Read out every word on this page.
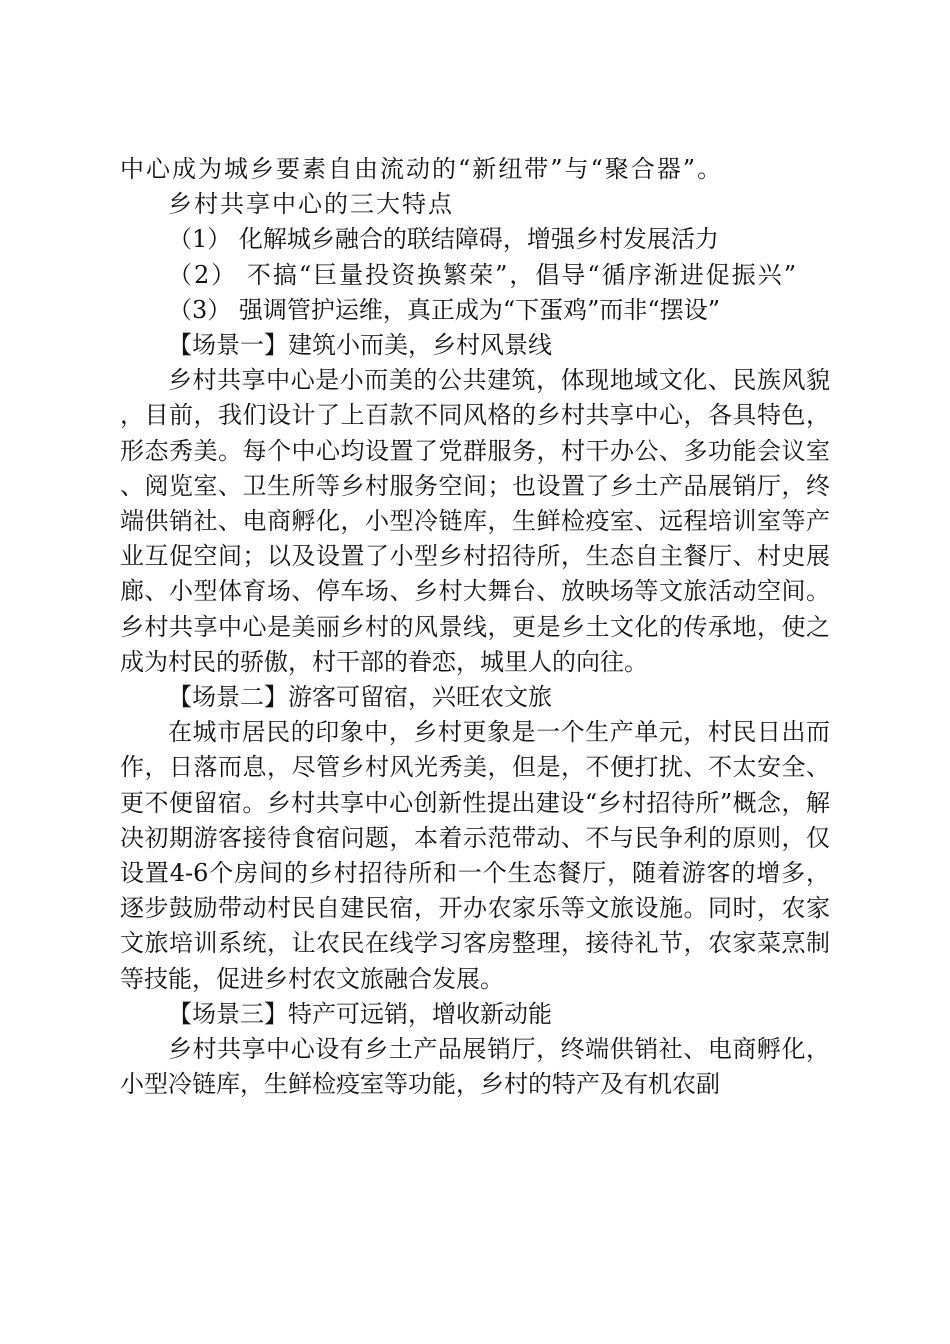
中心成为城乡要素自由流动的“新纽带”与“聚合器”。

乡村共享中心的三大特点

（1） 化解城乡融合的联结障碍，增强乡村发展活力

（2） 不搞“巨量投资换繁荣”，倡导“循序渐进促振兴”

（3） 强调管护运维，真正成为“下蛋鸡”而非“摆设”

【场景一】建筑小而美，乡村风景线

乡村共享中心是小而美的公共建筑，体现地域文化、民族风貌，目前，我们设计了上百款不同风格的乡村共享中心，各具特色，形态秀美。每个中心均设置了党群服务，村干办公、多功能会议室、阅览室、卫生所等乡村服务空间；也设置了乡土产品展销厅，终端供销社、电商孵化，小型冷链库，生鲜检疫室、远程培训室等产业互促空间；以及设置了小型乡村招待所，生态自主餐厅、村史展廊、小型体育场、停车场、乡村大舞台、放映场等文旅活动空间。乡村共享中心是美丽乡村的风景线，更是乡土文化的传承地，使之成为村民的骄傲，村干部的眷恋，城里人的向往。

【场景二】游客可留宿，兴旺农文旅

在城市居民的印象中，乡村更象是一个生产单元，村民日出而作，日落而息，尽管乡村风光秀美，但是，不便打扰、不太安全、更不便留宿。乡村共享中心创新性提出建设“乡村招待所”概念，解决初期游客接待食宿问题，本着示范带动、不与民争利的原则，仅设置4-6个房间的乡村招待所和一个生态餐厅，随着游客的增多，逐步鼓励带动村民自建民宿，开办农家乐等文旅设施。同时，农家文旅培训系统，让农民在线学习客房整理，接待礼节，农家菜烹制等技能，促进乡村农文旅融合发展。

【场景三】特产可远销，增收新动能

乡村共享中心设有乡土产品展销厅，终端供销社、电商孵化，小型冷链库，生鲜检疫室等功能，乡村的特产及有机农副
